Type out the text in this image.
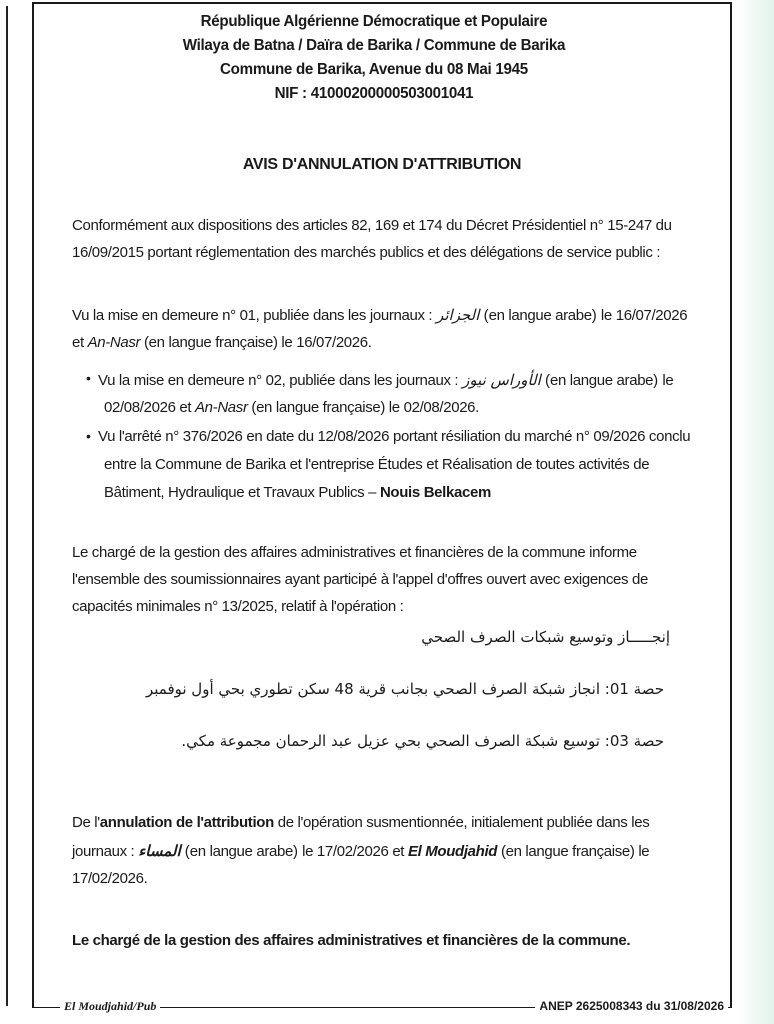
République Algérienne Démocratique et Populaire
Wilaya de Batna / Daïra de Barika / Commune de Barika
Commune de Barika, Avenue du 08 Mai 1945
NIF : 410002000005030010​41
AVIS D'ANNULATION D'ATTRIBUTION
Conformément aux dispositions des articles 82, 169 et 174 du Décret Présidentiel n° 15-247 du
16/09/2015 portant réglementation des marchés publics et des délégations de service public :
Vu la mise en demeure n° 01, publiée dans les journaux : الجزائر (en langue arabe) le 16/07/2026
et An-Nasr (en langue française) le 16/07/2026.
• Vu la mise en demeure n° 02, publiée dans les journaux : الأوراس نيوز (en langue arabe) le
02/08/2026 et An-Nasr (en langue française) le 02/08/2026.
• Vu l'arrêté n° 376/2026 en date du 12/08/2026 portant résiliation du marché n° 09/2026 conclu
entre la Commune de Barika et l'entreprise Études et Réalisation de toutes activités de
Bâtiment, Hydraulique et Travaux Publics – Nouis Belkacem
Le chargé de la gestion des affaires administratives et financières de la commune informe
l'ensemble des soumissionnaires ayant participé à l'appel d'offres ouvert avec exigences de
capacités minimales n° 13/2025, relatif à l'opération :
إنجـــــاز وتوسيع شبكات الصرف الصحي
حصة 01: انجاز شبكة الصرف الصحي بجانب قرية 48 سكن تطوري بحي أول نوفمبر
حصة 03: توسيع شبكة الصرف الصحي بحي عزيل عبد الرحمان مجموعة مكي.
De l'annulation de l'attribution de l'opération susmentionnée, initialement publiée dans les
journaux : المساء (en langue arabe) le 17/02/2026 et El Moudjahid (en langue française) le
17/02/2026.
Le chargé de la gestion des affaires administratives et financières de la commune.
El Moudjahid/Pub	ANEP 2625008343 du 31/08/2026
